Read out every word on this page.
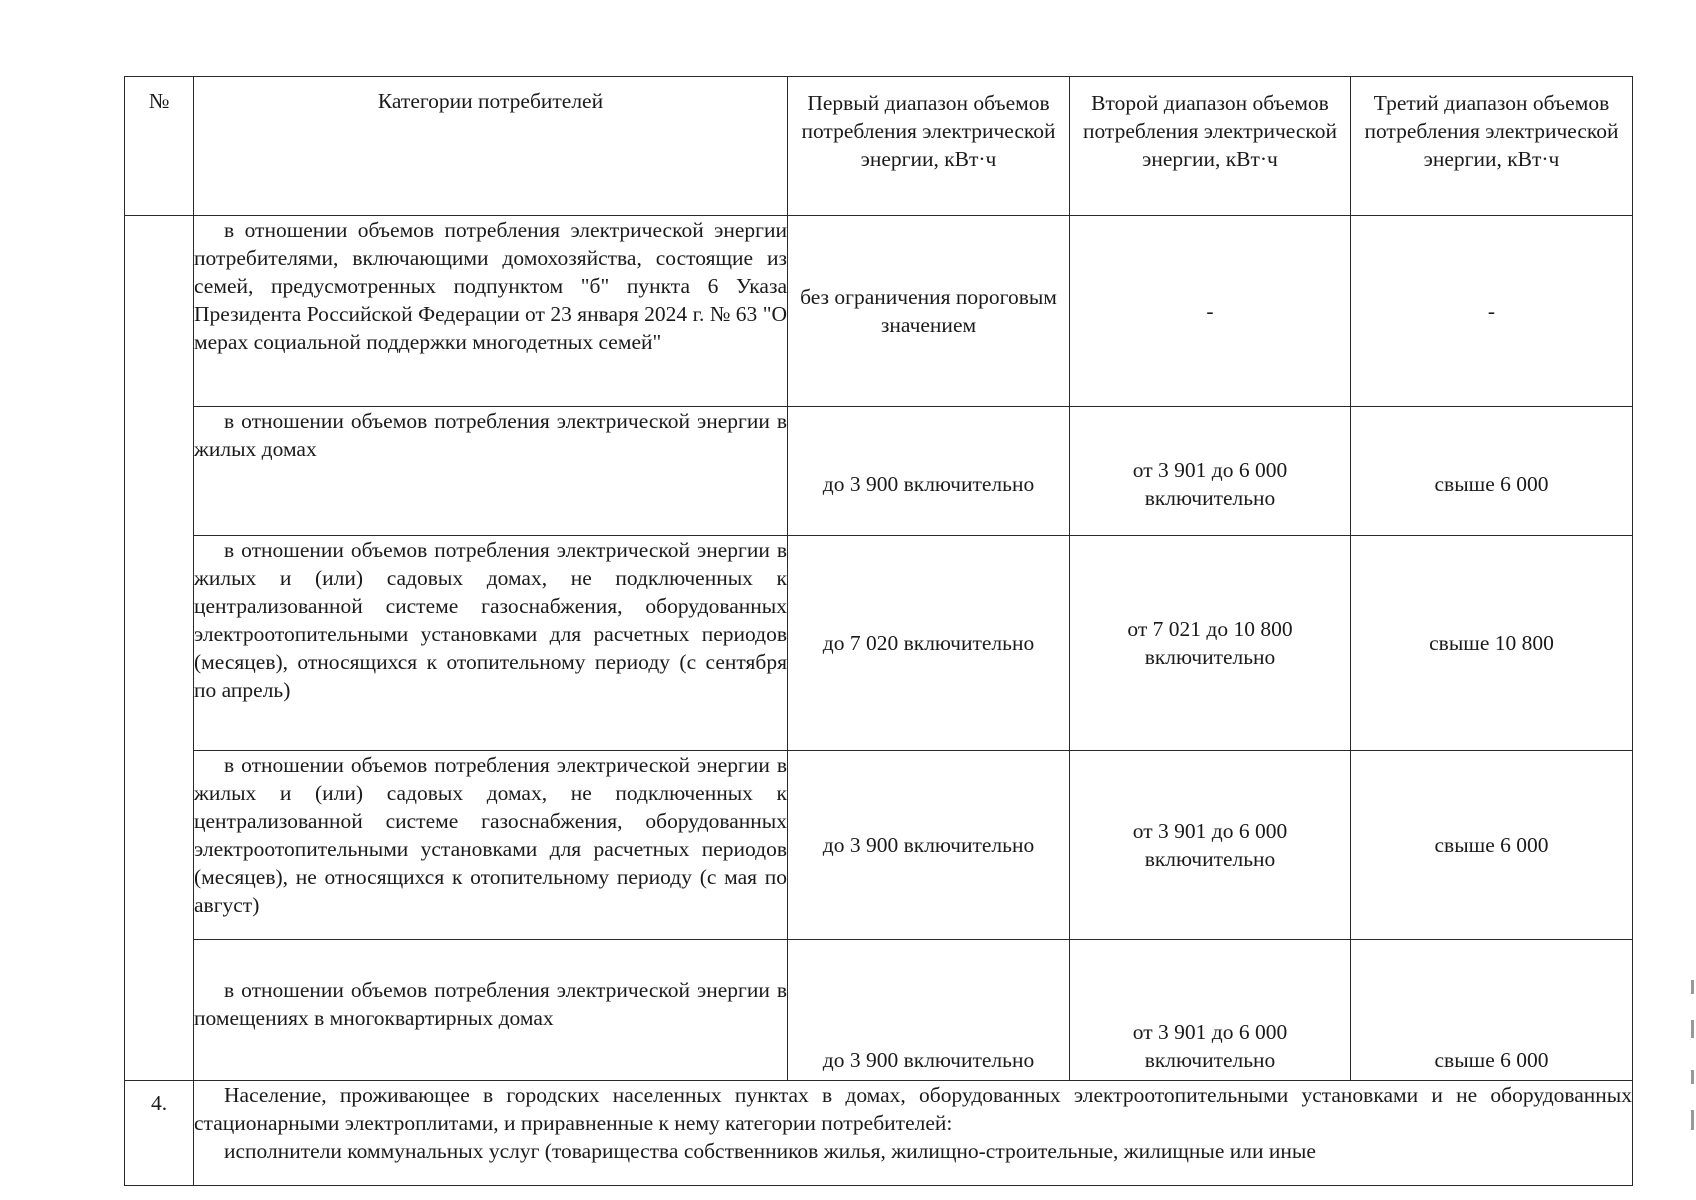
№	Категории потребителей	Первый диапазон объемов потребления электрической энергии, кВт·ч	Второй диапазон объемов потребления электрической энергии, кВт·ч	Третий диапазон объемов потребления электрической энергии, кВт·ч
	в отношении объемов потребления электрической энергии потребителями, включающими домохозяйства, состоящие из семей, предусмотренных подпунктом "б" пункта 6 Указа Президента Российской Федерации от 23 января 2024 г. № 63 "О мерах социальной поддержки многодетных семей"	без ограничения пороговым значением	-	-
	в отношении объемов потребления электрической энергии в жилых домах	до 3 900 включительно	от 3 901 до 6 000 включительно	свыше 6 000
	в отношении объемов потребления электрической энергии в жилых и (или) садовых домах, не подключенных к централизованной системе газоснабжения, оборудованных электроотопительными установками для расчетных периодов (месяцев), относящихся к отопительному периоду (с сентября по апрель)	до 7 020 включительно	от 7 021 до 10 800 включительно	свыше 10 800
	в отношении объемов потребления электрической энергии в жилых и (или) садовых домах, не подключенных к централизованной системе газоснабжения, оборудованных электроотопительными установками для расчетных периодов (месяцев), не относящихся к отопительному периоду (с мая по август)	до 3 900 включительно	от 3 901 до 6 000 включительно	свыше 6 000
	в отношении объемов потребления электрической энергии в помещениях в многоквартирных домах	до 3 900 включительно	от 3 901 до 6 000 включительно	свыше 6 000
4.	Население, проживающее в городских населенных пунктах в домах, оборудованных электроотопительными установками и не оборудованных стационарными электроплитами, и приравненные к нему категории потребителей:

исполнители коммунальных услуг (товарищества собственников жилья, жилищно-строительные, жилищные или иные			
